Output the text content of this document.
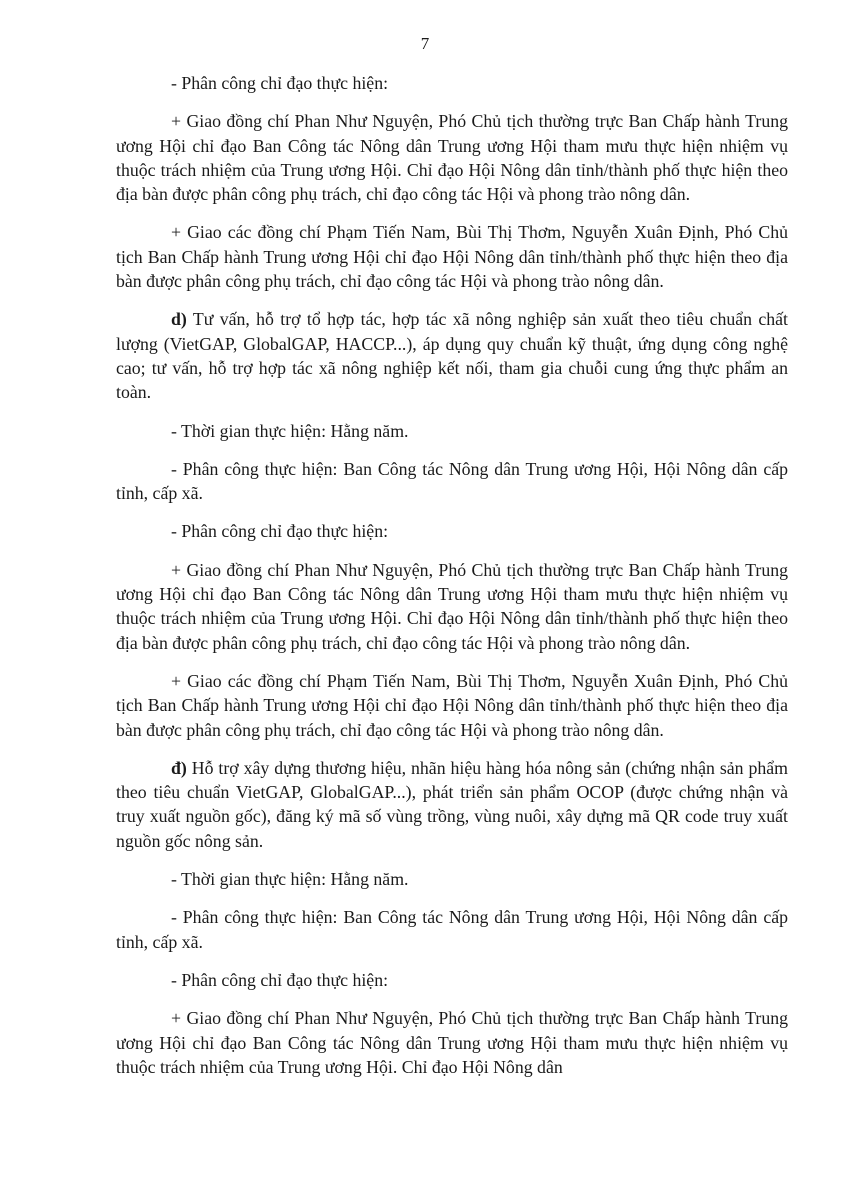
7

- Phân công chỉ đạo thực hiện:

+ Giao đồng chí Phan Như Nguyện, Phó Chủ tịch thường trực Ban Chấp hành Trung ương Hội chỉ đạo Ban Công tác Nông dân Trung ương Hội tham mưu thực hiện nhiệm vụ thuộc trách nhiệm của Trung ương Hội. Chỉ đạo Hội Nông dân tỉnh/thành phố thực hiện theo địa bàn được phân công phụ trách, chỉ đạo công tác Hội và phong trào nông dân.

+ Giao các đồng chí Phạm Tiến Nam, Bùi Thị Thơm, Nguyễn Xuân Định, Phó Chủ tịch Ban Chấp hành Trung ương Hội chỉ đạo Hội Nông dân tỉnh/thành phố thực hiện theo địa bàn được phân công phụ trách, chỉ đạo công tác Hội và phong trào nông dân.

d) Tư vấn, hỗ trợ tổ hợp tác, hợp tác xã nông nghiệp sản xuất theo tiêu chuẩn chất lượng (VietGAP, GlobalGAP, HACCP...), áp dụng quy chuẩn kỹ thuật, ứng dụng công nghệ cao; tư vấn, hỗ trợ hợp tác xã nông nghiệp kết nối, tham gia chuỗi cung ứng thực phẩm an toàn.

- Thời gian thực hiện: Hằng năm.

- Phân công thực hiện: Ban Công tác Nông dân Trung ương Hội, Hội Nông dân cấp tỉnh, cấp xã.

- Phân công chỉ đạo thực hiện:

+ Giao đồng chí Phan Như Nguyện, Phó Chủ tịch thường trực Ban Chấp hành Trung ương Hội chỉ đạo Ban Công tác Nông dân Trung ương Hội tham mưu thực hiện nhiệm vụ thuộc trách nhiệm của Trung ương Hội. Chỉ đạo Hội Nông dân tỉnh/thành phố thực hiện theo địa bàn được phân công phụ trách, chỉ đạo công tác Hội và phong trào nông dân.

+ Giao các đồng chí Phạm Tiến Nam, Bùi Thị Thơm, Nguyễn Xuân Định, Phó Chủ tịch Ban Chấp hành Trung ương Hội chỉ đạo Hội Nông dân tỉnh/thành phố thực hiện theo địa bàn được phân công phụ trách, chỉ đạo công tác Hội và phong trào nông dân.

đ) Hỗ trợ xây dựng thương hiệu, nhãn hiệu hàng hóa nông sản (chứng nhận sản phẩm theo tiêu chuẩn VietGAP, GlobalGAP...), phát triển sản phẩm OCOP (được chứng nhận và truy xuất nguồn gốc), đăng ký mã số vùng trồng, vùng nuôi, xây dựng mã QR code truy xuất nguồn gốc nông sản.

- Thời gian thực hiện: Hằng năm.

- Phân công thực hiện: Ban Công tác Nông dân Trung ương Hội, Hội Nông dân cấp tỉnh, cấp xã.

- Phân công chỉ đạo thực hiện:

+ Giao đồng chí Phan Như Nguyện, Phó Chủ tịch thường trực Ban Chấp hành Trung ương Hội chỉ đạo Ban Công tác Nông dân Trung ương Hội tham mưu thực hiện nhiệm vụ thuộc trách nhiệm của Trung ương Hội. Chỉ đạo Hội Nông dân
